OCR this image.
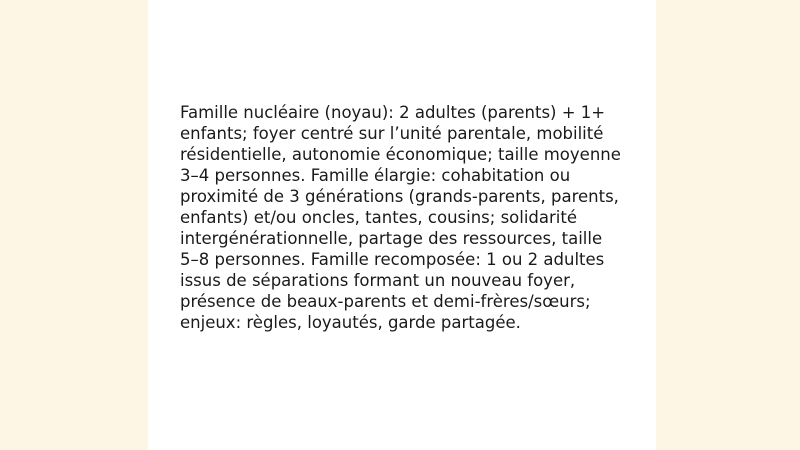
Famille nucléaire (noyau): 2 adultes (parents) + 1+ enfants; foyer centré sur l’unité parentale, mobilité résidentielle, autonomie économique; taille moyenne 3–4 personnes. Famille élargie: cohabitation ou proximité de 3 générations (grands-parents, parents, enfants) et/ou oncles, tantes, cousins; solidarité intergénérationnelle, partage des ressources, taille 5–8 personnes. Famille recomposée: 1 ou 2 adultes issus de séparations formant un nouveau foyer, présence de beaux-parents et demi-frères/sœurs; enjeux: règles, loyautés, garde partagée.
